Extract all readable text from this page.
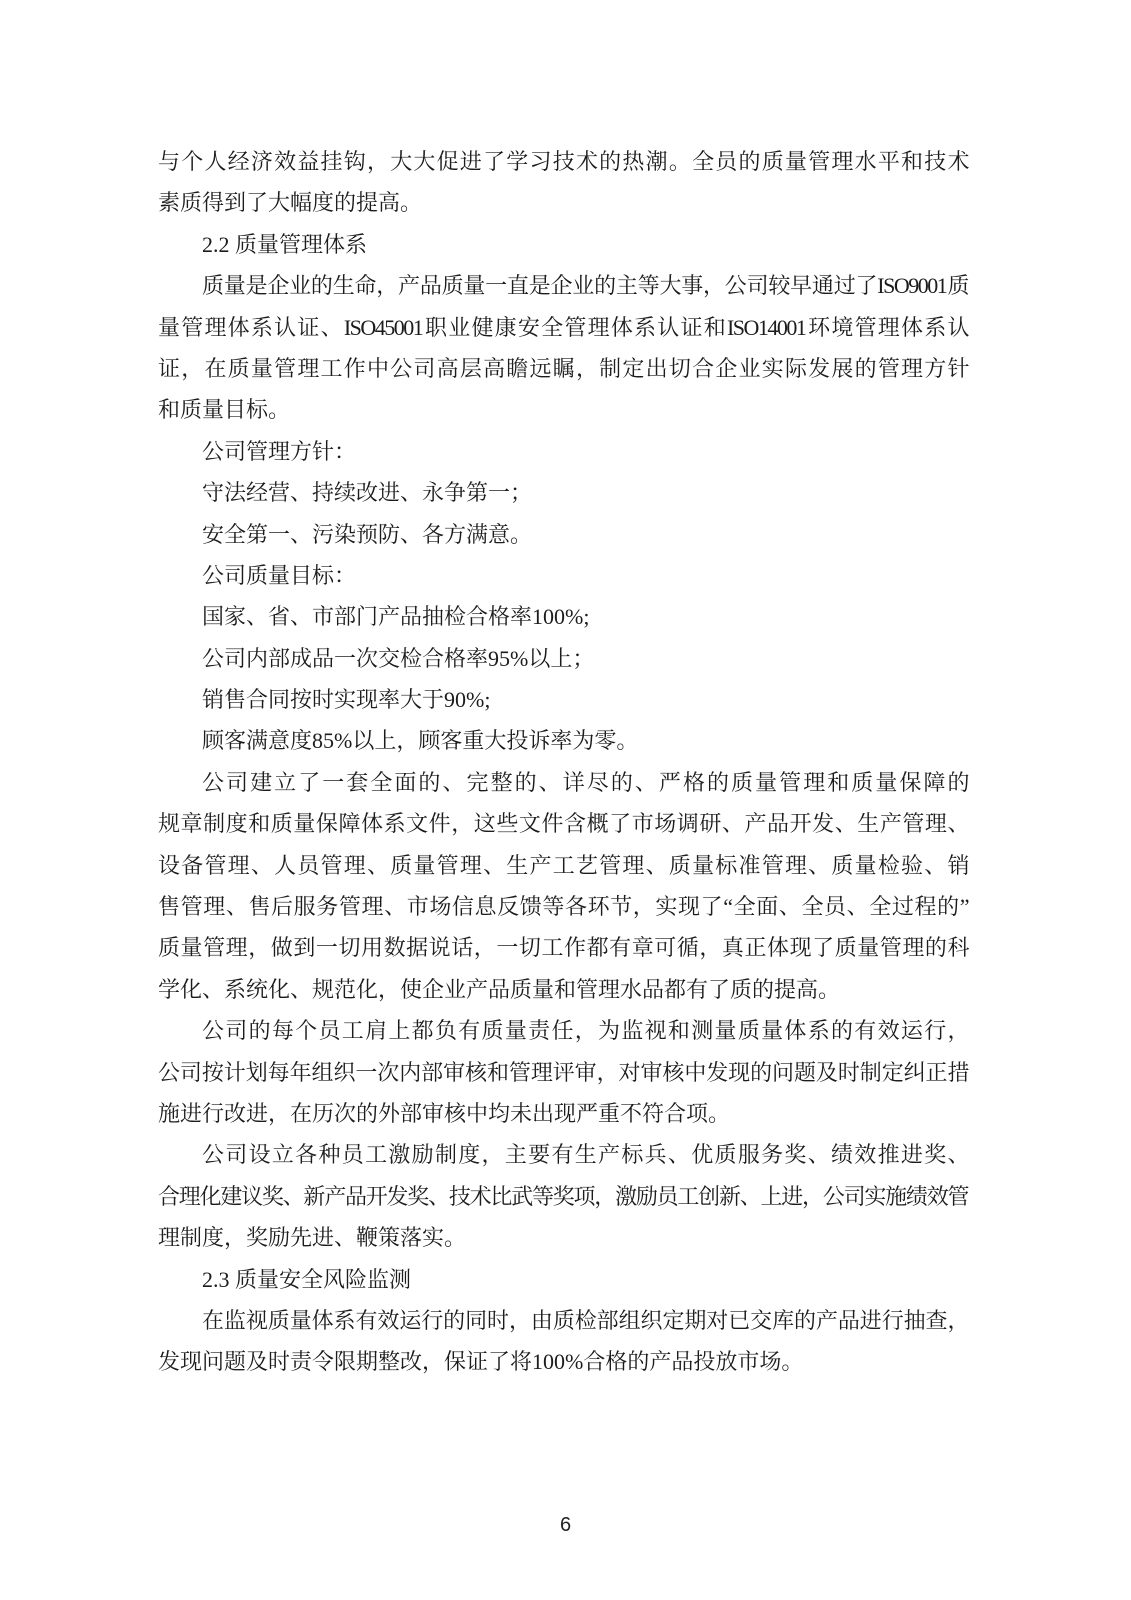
与个人经济效益挂钩，大大促进了学习技术的热潮。全员的质量管理水平和技术
素质得到了大幅度的提高。
2.2 质量管理体系
质量是企业的生命，产品质量一直是企业的主等大事，公司较早通过了ISO9001质
量管理体系认证、ISO45001职业健康安全管理体系认证和ISO14001环境管理体系认
证，在质量管理工作中公司高层高瞻远瞩，制定出切合企业实际发展的管理方针
和质量目标。
公司管理方针：
守法经营、持续改进、永争第一；
安全第一、污染预防、各方满意。
公司质量目标：
国家、省、市部门产品抽检合格率100%;
公司内部成品一次交检合格率95%以上；
销售合同按时实现率大于90%;
顾客满意度85%以上，顾客重大投诉率为零。
公司建立了一套全面的、完整的、详尽的、严格的质量管理和质量保障的
规章制度和质量保障体系文件，这些文件含概了市场调研、产品开发、生产管理、
设备管理、人员管理、质量管理、生产工艺管理、质量标准管理、质量检验、销
售管理、售后服务管理、市场信息反馈等各环节，实现了“全面、全员、全过程的”
质量管理，做到一切用数据说话，一切工作都有章可循，真正体现了质量管理的科
学化、系统化、规范化，使企业产品质量和管理水品都有了质的提高。
公司的每个员工肩上都负有质量责任，为监视和测量质量体系的有效运行，
公司按计划每年组织一次内部审核和管理评审，对审核中发现的问题及时制定纠正措
施进行改进，在历次的外部审核中均未出现严重不符合项。
公司设立各种员工激励制度，主要有生产标兵、优质服务奖、绩效推进奖、
合理化建议奖、新产品开发奖、技术比武等奖项，激励员工创新、上进，公司实施绩效管
理制度，奖励先进、鞭策落实。
2.3 质量安全风险监测
在监视质量体系有效运行的同时，由质检部组织定期对已交库的产品进行抽查，
发现问题及时责令限期整改，保证了将100%合格的产品投放市场。
6
